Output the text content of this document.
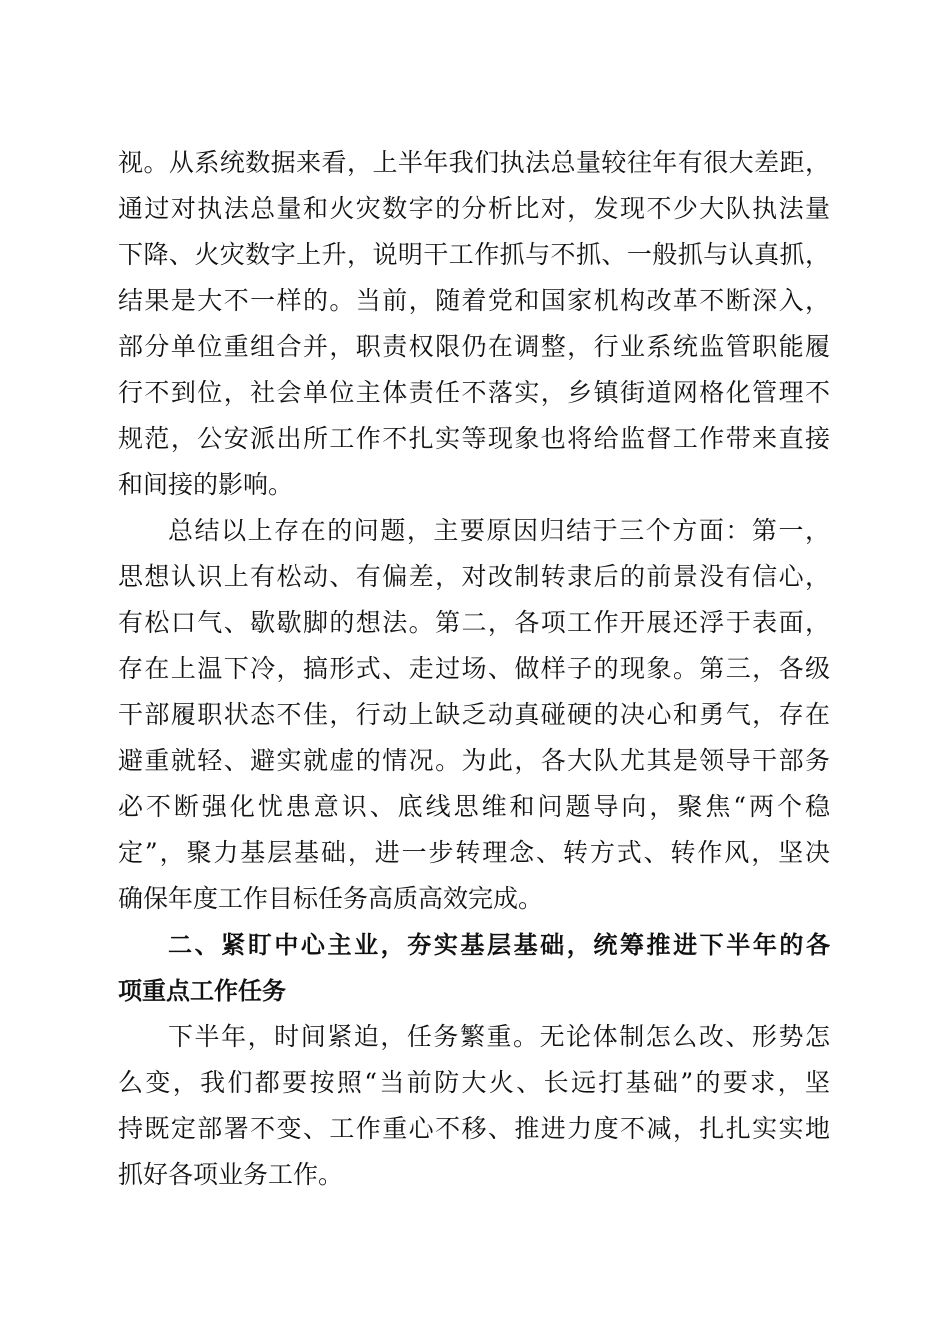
视。从系统数据来看，上半年我们执法总量较往年有很大差距，
通过对执法总量和火灾数字的分析比对，发现不少大队执法量
下降、火灾数字上升，说明干工作抓与不抓、一般抓与认真抓，
结果是大不一样的。当前，随着党和国家机构改革不断深入，
部分单位重组合并，职责权限仍在调整，行业系统监管职能履
行不到位，社会单位主体责任不落实，乡镇街道网格化管理不
规范，公安派出所工作不扎实等现象也将给监督工作带来直接
和间接的影响。
总结以上存在的问题，主要原因归结于三个方面：第一，
思想认识上有松动、有偏差，对改制转隶后的前景没有信心，
有松口气、歇歇脚的想法。第二，各项工作开展还浮于表面，
存在上温下冷，搞形式、走过场、做样子的现象。第三，各级
干部履职状态不佳，行动上缺乏动真碰硬的决心和勇气，存在
避重就轻、避实就虚的情况。为此，各大队尤其是领导干部务
必不断强化忧患意识、底线思维和问题导向，聚焦“两个稳
定”，聚力基层基础，进一步转理念、转方式、转作风，坚决
确保年度工作目标任务高质高效完成。
二、紧盯中心主业，夯实基层基础，统筹推进下半年的各
项重点工作任务
下半年，时间紧迫，任务繁重。无论体制怎么改、形势怎
么变，我们都要按照“当前防大火、长远打基础”的要求，坚
持既定部署不变、工作重心不移、推进力度不减，扎扎实实地
抓好各项业务工作。
